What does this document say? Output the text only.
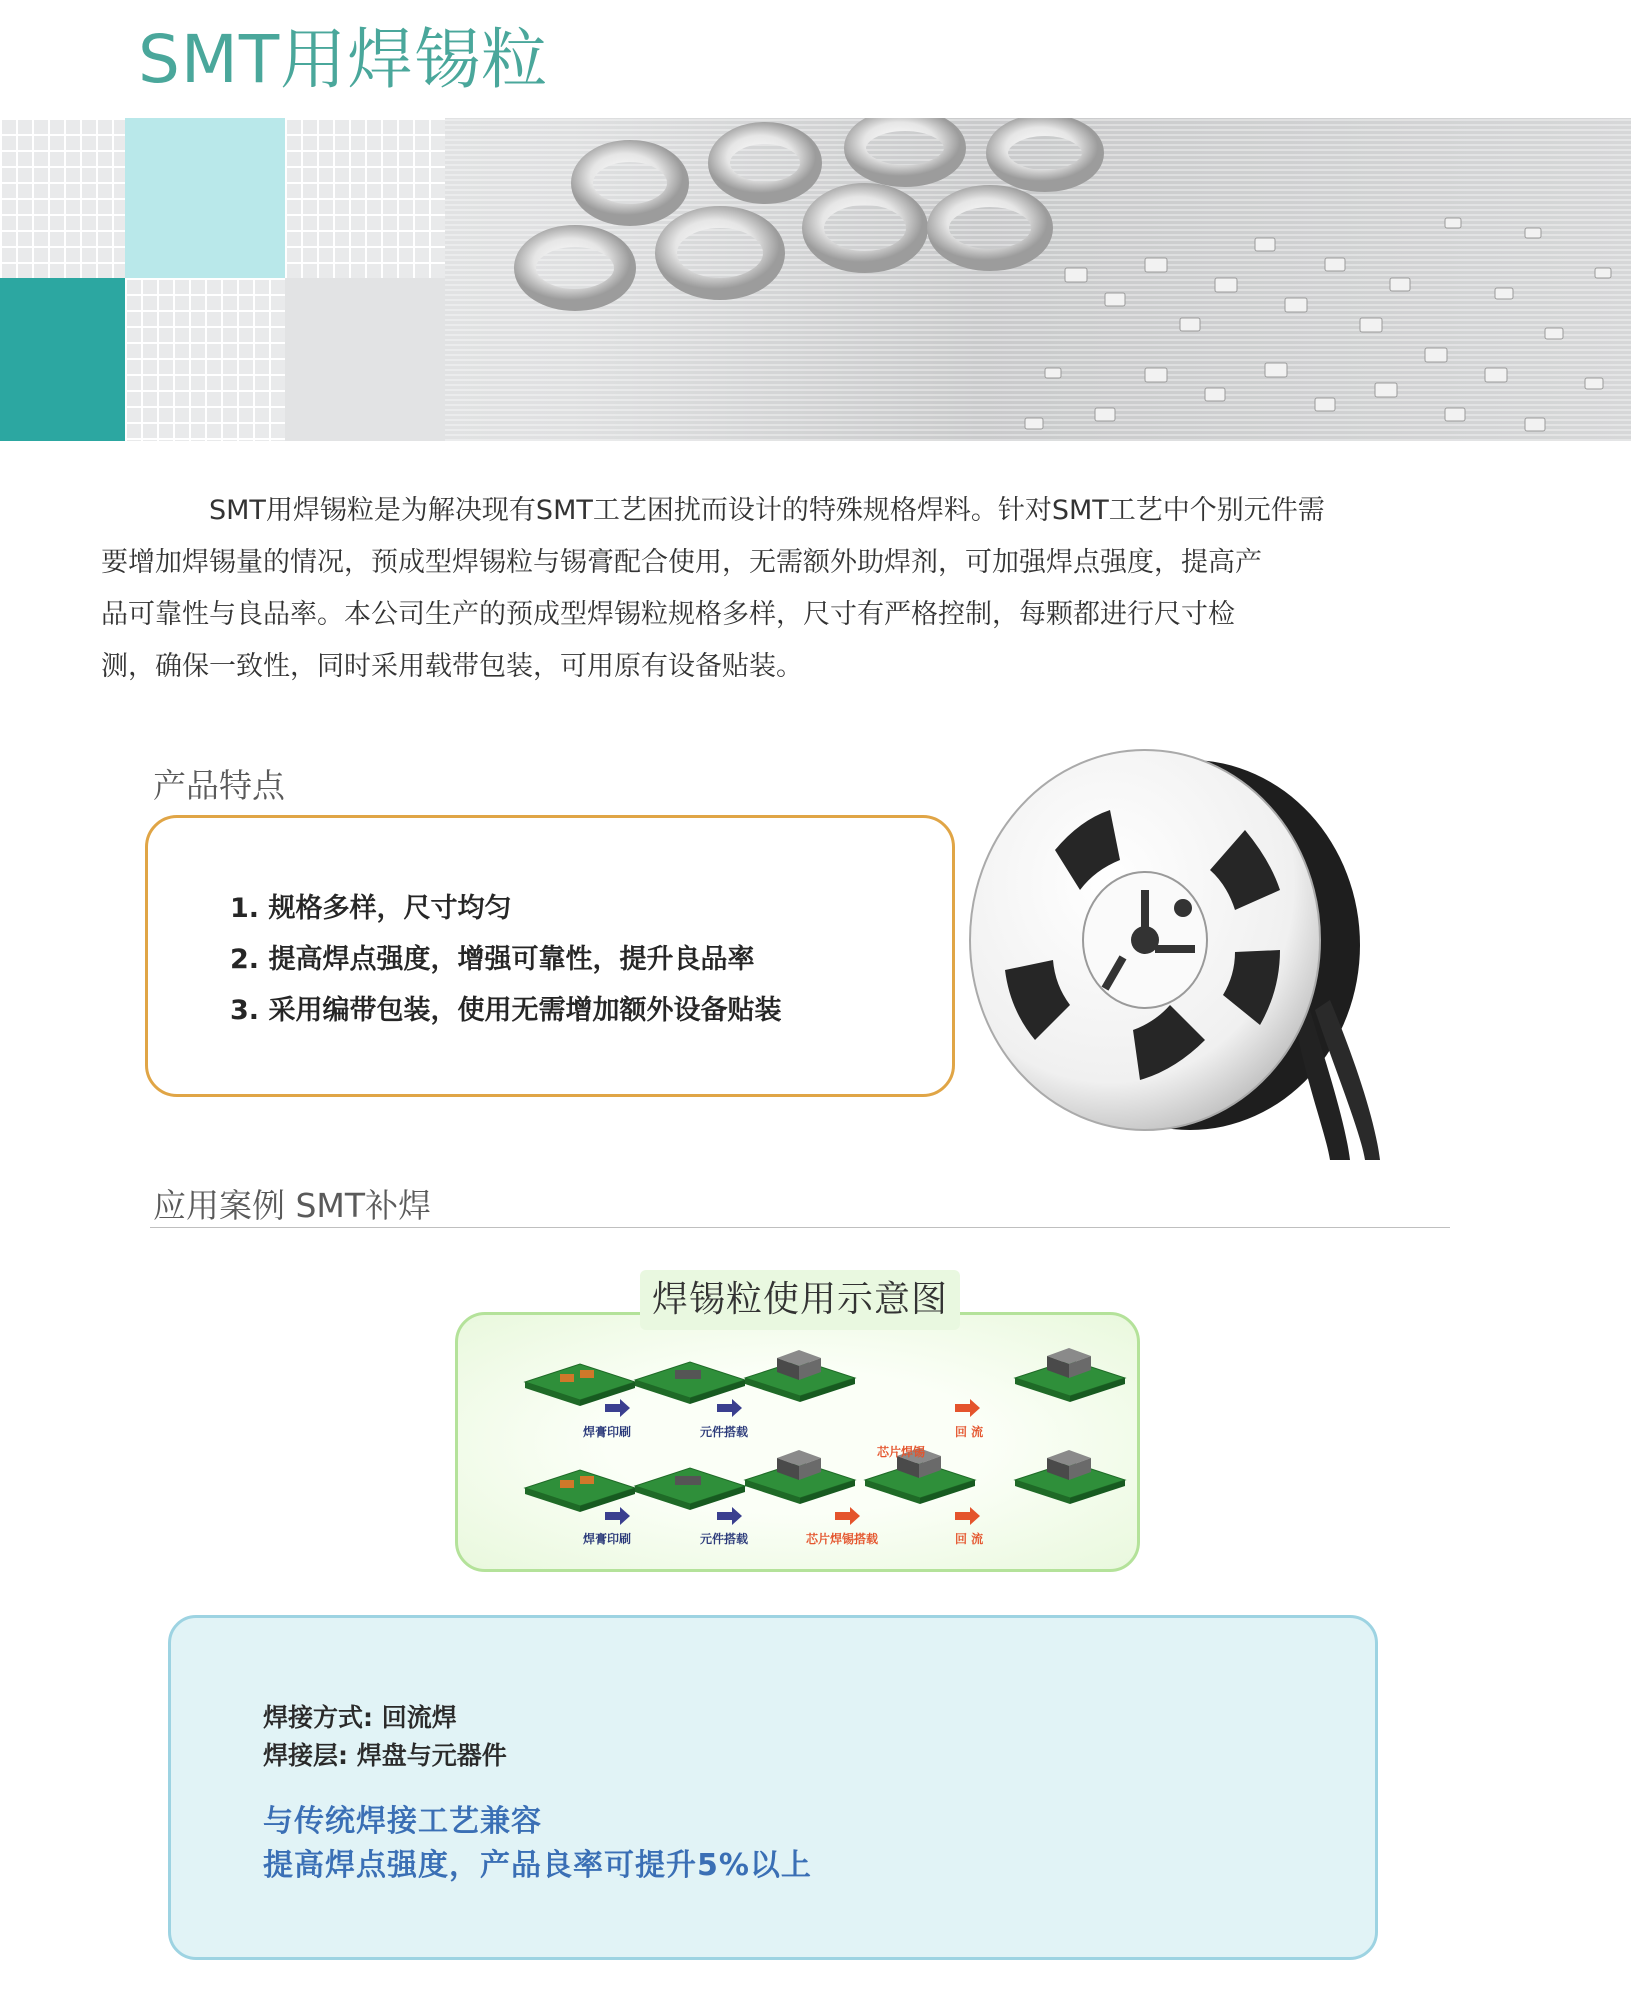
SMT用焊锡粒

SMT用焊锡粒是为解决现有SMT工艺困扰而设计的特殊规格焊料。针对SMT工艺中个别元件需
要增加焊锡量的情况，预成型焊锡粒与锡膏配合使用，无需额外助焊剂，可加强焊点强度，提高产
品可靠性与良品率。本公司生产的预成型焊锡粒规格多样，尺寸有严格控制，每颗都进行尺寸检
测，确保一致性，同时采用载带包装，可用原有设备贴装。

产品特点
1. 规格多样，尺寸均匀
2. 提高焊点强度，增强可靠性，提升良品率
3. 采用编带包装，使用无需增加额外设备贴装
应用案例 SMT补焊
焊锡粒使用示意图
焊膏印刷	元件搭载	回 流
芯片焊锡
焊膏印刷	元件搭载	芯片焊锡搭载	回 流
焊接方式: 回流焊
焊接层: 焊盘与元器件
与传统焊接工艺兼容
提高焊点强度，产品良率可提升5%以上
